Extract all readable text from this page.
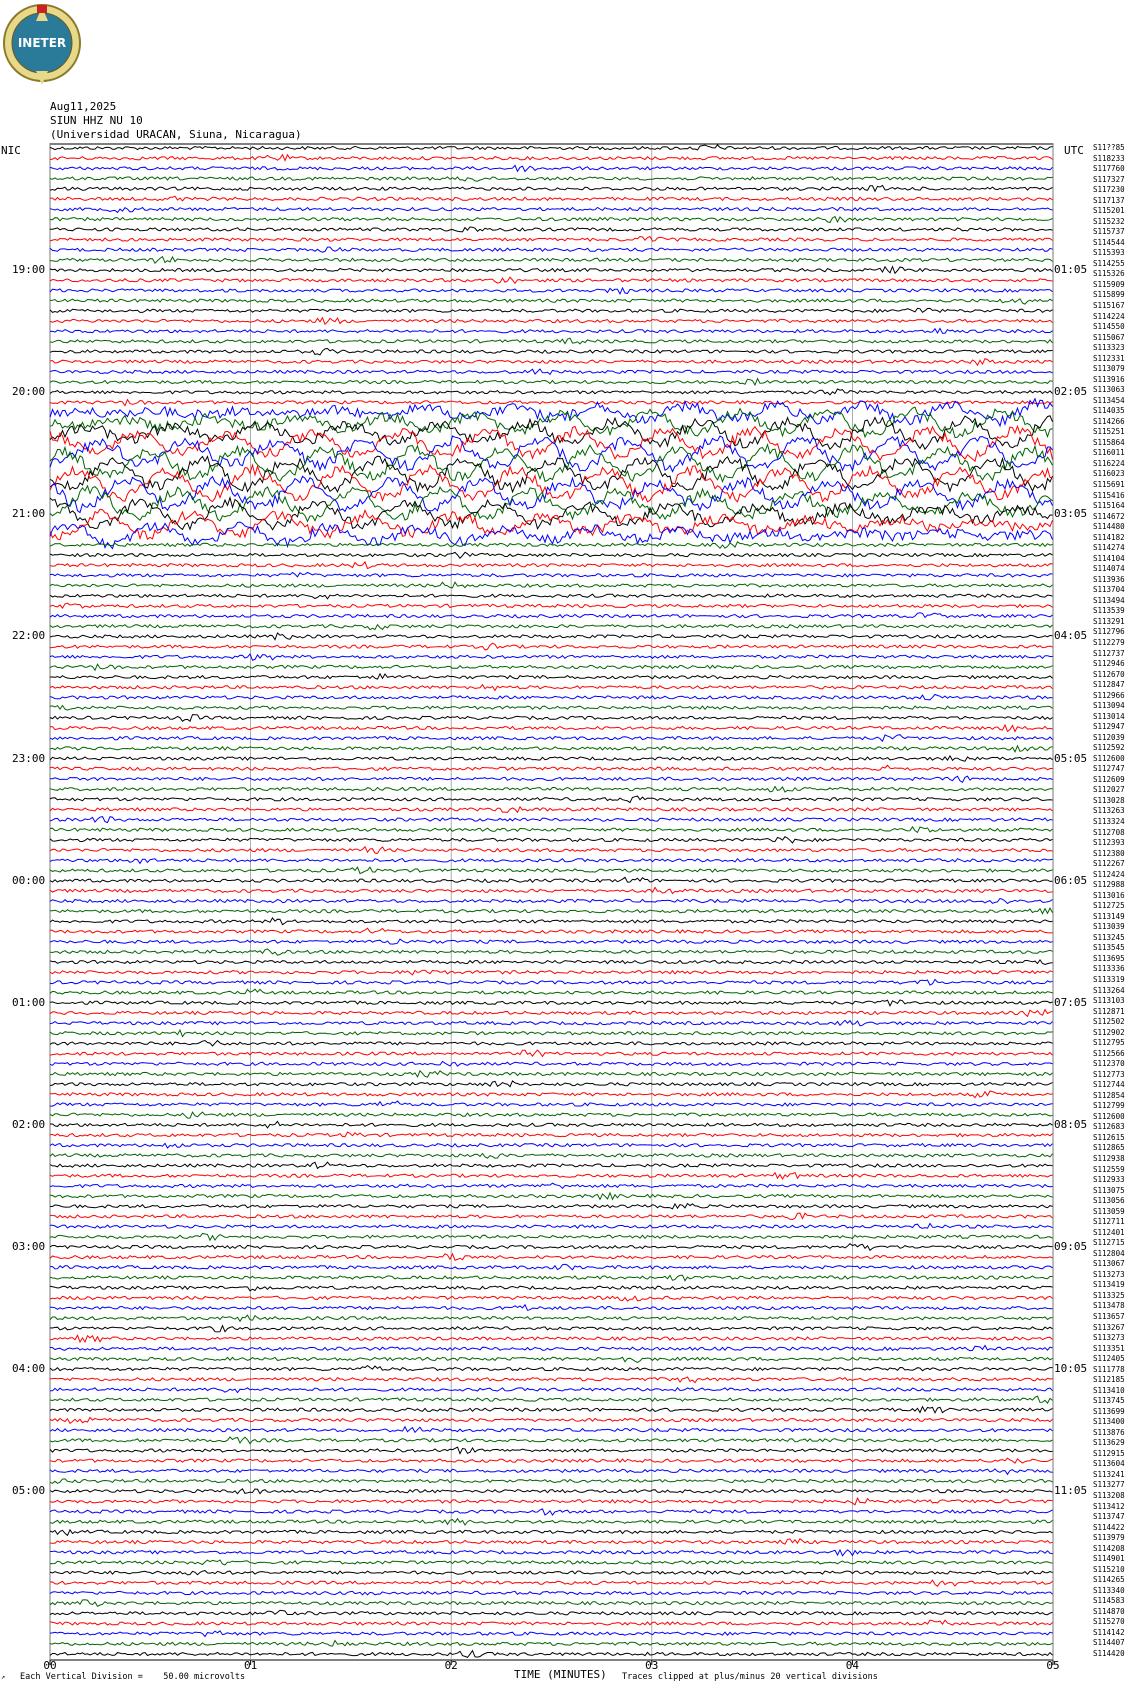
INETER
Aug11,2025
SIUN HHZ NU 10
(Universidad URACAN, Siuna, Nicaragua)
NIC	UTC
19:00
20:00
21:00
22:00
23:00
00:00
01:00
02:00
03:00
04:00
05:00
01:05
02:05
03:05
04:05
05:05
06:05
07:05
08:05
09:05
10:05
11:05
S11??85
S118233
S117760
S117327
S117230
S117137
S115201
S115232
S115737
S114544
S115393
S114255
S115326
S115909
S115899
S115167
S114224
S114550
S115067
S113323
S112331
S113079
S113916
S113063
S113454
S114035
S114266
S115251
S115864
S116011
S116224
S116023
S115691
S115416
S115164
S114672
S114480
S114182
S114274
S114104
S114074
S113936
S113704
S113494
S113539
S113291
S112796
S112279
S112737
S112946
S112670
S112847
S112966
S113094
S113014
S112947
S112039
S112592
S112600
S112747
S112609
S112027
S113028
S113263
S113324
S112708
S112393
S112380
S112267
S112424
S112988
S113016
S112725
S113149
S113039
S113245
S113545
S113695
S113336
S113319
S113264
S113103
S112871
S112502
S112902
S112795
S112566
S112370
S112773
S112744
S112854
S112799
S112600
S112683
S112615
S112865
S112938
S112559
S112933
S113075
S113056
S113059
S112711
S112401
S112715
S112804
S113067
S113273
S113419
S113325
S113478
S113657
S113267
S113273
S113351
S112405
S111778
S112185
S113410
S113745
S113699
S113400
S113876
S113629
S112915
S113604
S113241
S113277
S113208
S113412
S113747
S114422
S113979
S114208
S114901
S115210
S114265
S113340
S114583
S114870
S115270
S114142
S114407
S114420
00	01	02	03	04	05
↗ Each Vertical Division =    50.00 microvolts	TIME (MINUTES) Traces clipped at plus/minus 20 vertical divisions
